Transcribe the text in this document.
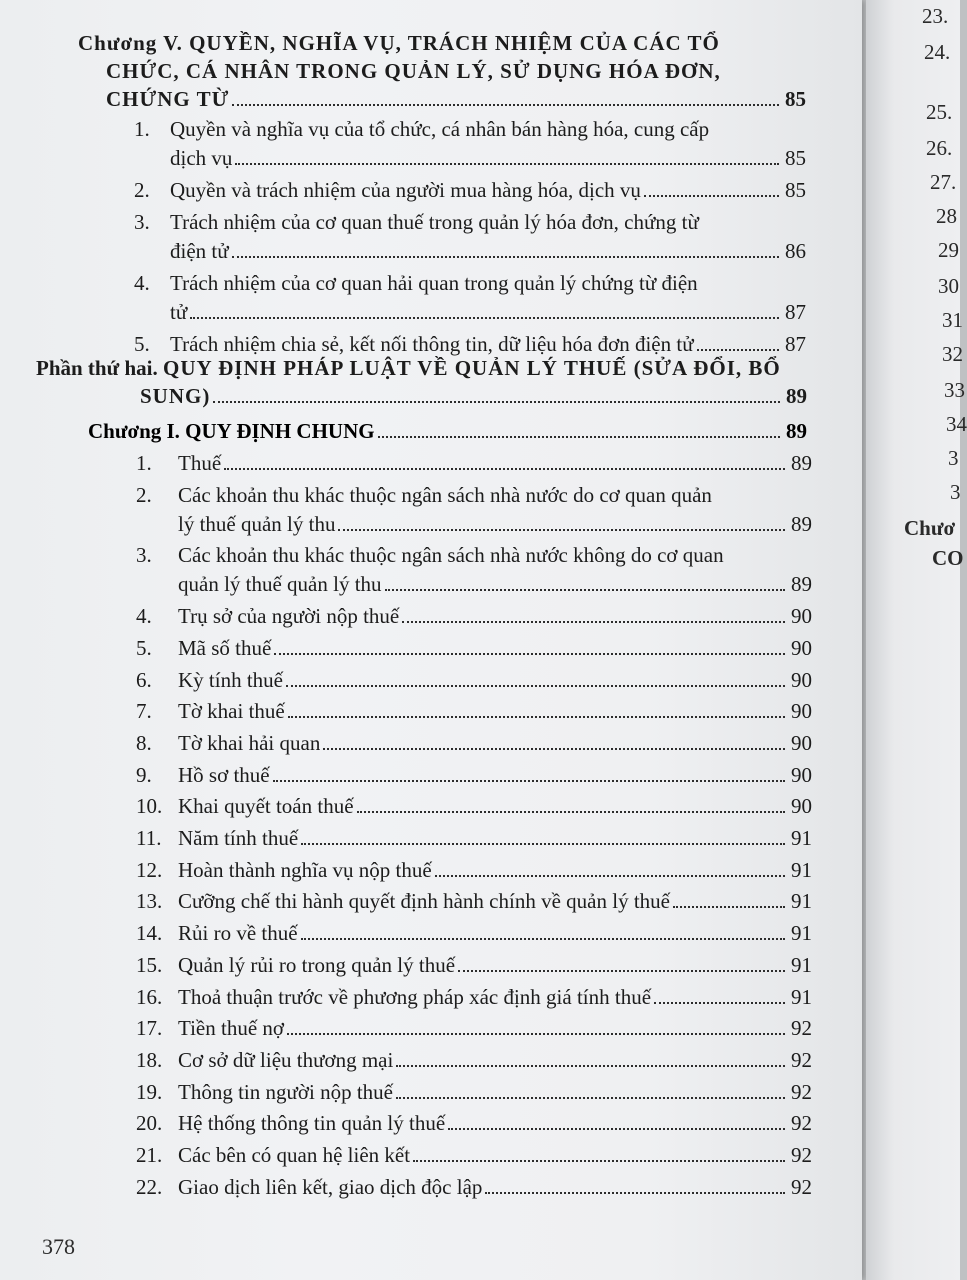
Chương V. QUYỀN, NGHĨA VỤ, TRÁCH NHIỆM CỦA CÁC TỔ
CHỨC, CÁ NHÂN TRONG QUẢN LÝ, SỬ DỤNG HÓA ĐƠN,
CHỨNG TỪ	85
1. Quyền và nghĩa vụ của tổ chức, cá nhân bán hàng hóa, cung cấp
dịch vụ	85
2. Quyền và trách nhiệm của người mua hàng hóa, dịch vụ	85
3. Trách nhiệm của cơ quan thuế trong quản lý hóa đơn, chứng từ
điện tử	86
4. Trách nhiệm của cơ quan hải quan trong quản lý chứng từ điện
tử	87
5. Trách nhiệm chia sẻ, kết nối thông tin, dữ liệu hóa đơn điện tử	87
Phần thứ hai. QUY ĐỊNH PHÁP LUẬT VỀ QUẢN LÝ THUẾ (SỬA ĐỔI, BỔ
SUNG)	89
Chương I. QUY ĐỊNH CHUNG	89
1. Thuế	89
2. Các khoản thu khác thuộc ngân sách nhà nước do cơ quan quản
lý thuế quản lý thu	89
3. Các khoản thu khác thuộc ngân sách nhà nước không do cơ quan
quản lý thuế quản lý thu	89
4. Trụ sở của người nộp thuế	90
5. Mã số thuế	90
6. Kỳ tính thuế	90
7. Tờ khai thuế	90
8. Tờ khai hải quan	90
9. Hồ sơ thuế	90
10. Khai quyết toán thuế	90
11. Năm tính thuế	91
12. Hoàn thành nghĩa vụ nộp thuế	91
13. Cưỡng chế thi hành quyết định hành chính về quản lý thuế	91
14. Rủi ro về thuế	91
15. Quản lý rủi ro trong quản lý thuế	91
16. Thoả thuận trước về phương pháp xác định giá tính thuế	91
17. Tiền thuế nợ	92
18. Cơ sở dữ liệu thương mại	92
19. Thông tin người nộp thuế	92
20. Hệ thống thông tin quản lý thuế	92
21. Các bên có quan hệ liên kết	92
22. Giao dịch liên kết, giao dịch độc lập	92
378
23.
24.
25.
26.
27.
28
29
30
31
32
33
34
3
3
Chươ
CO
